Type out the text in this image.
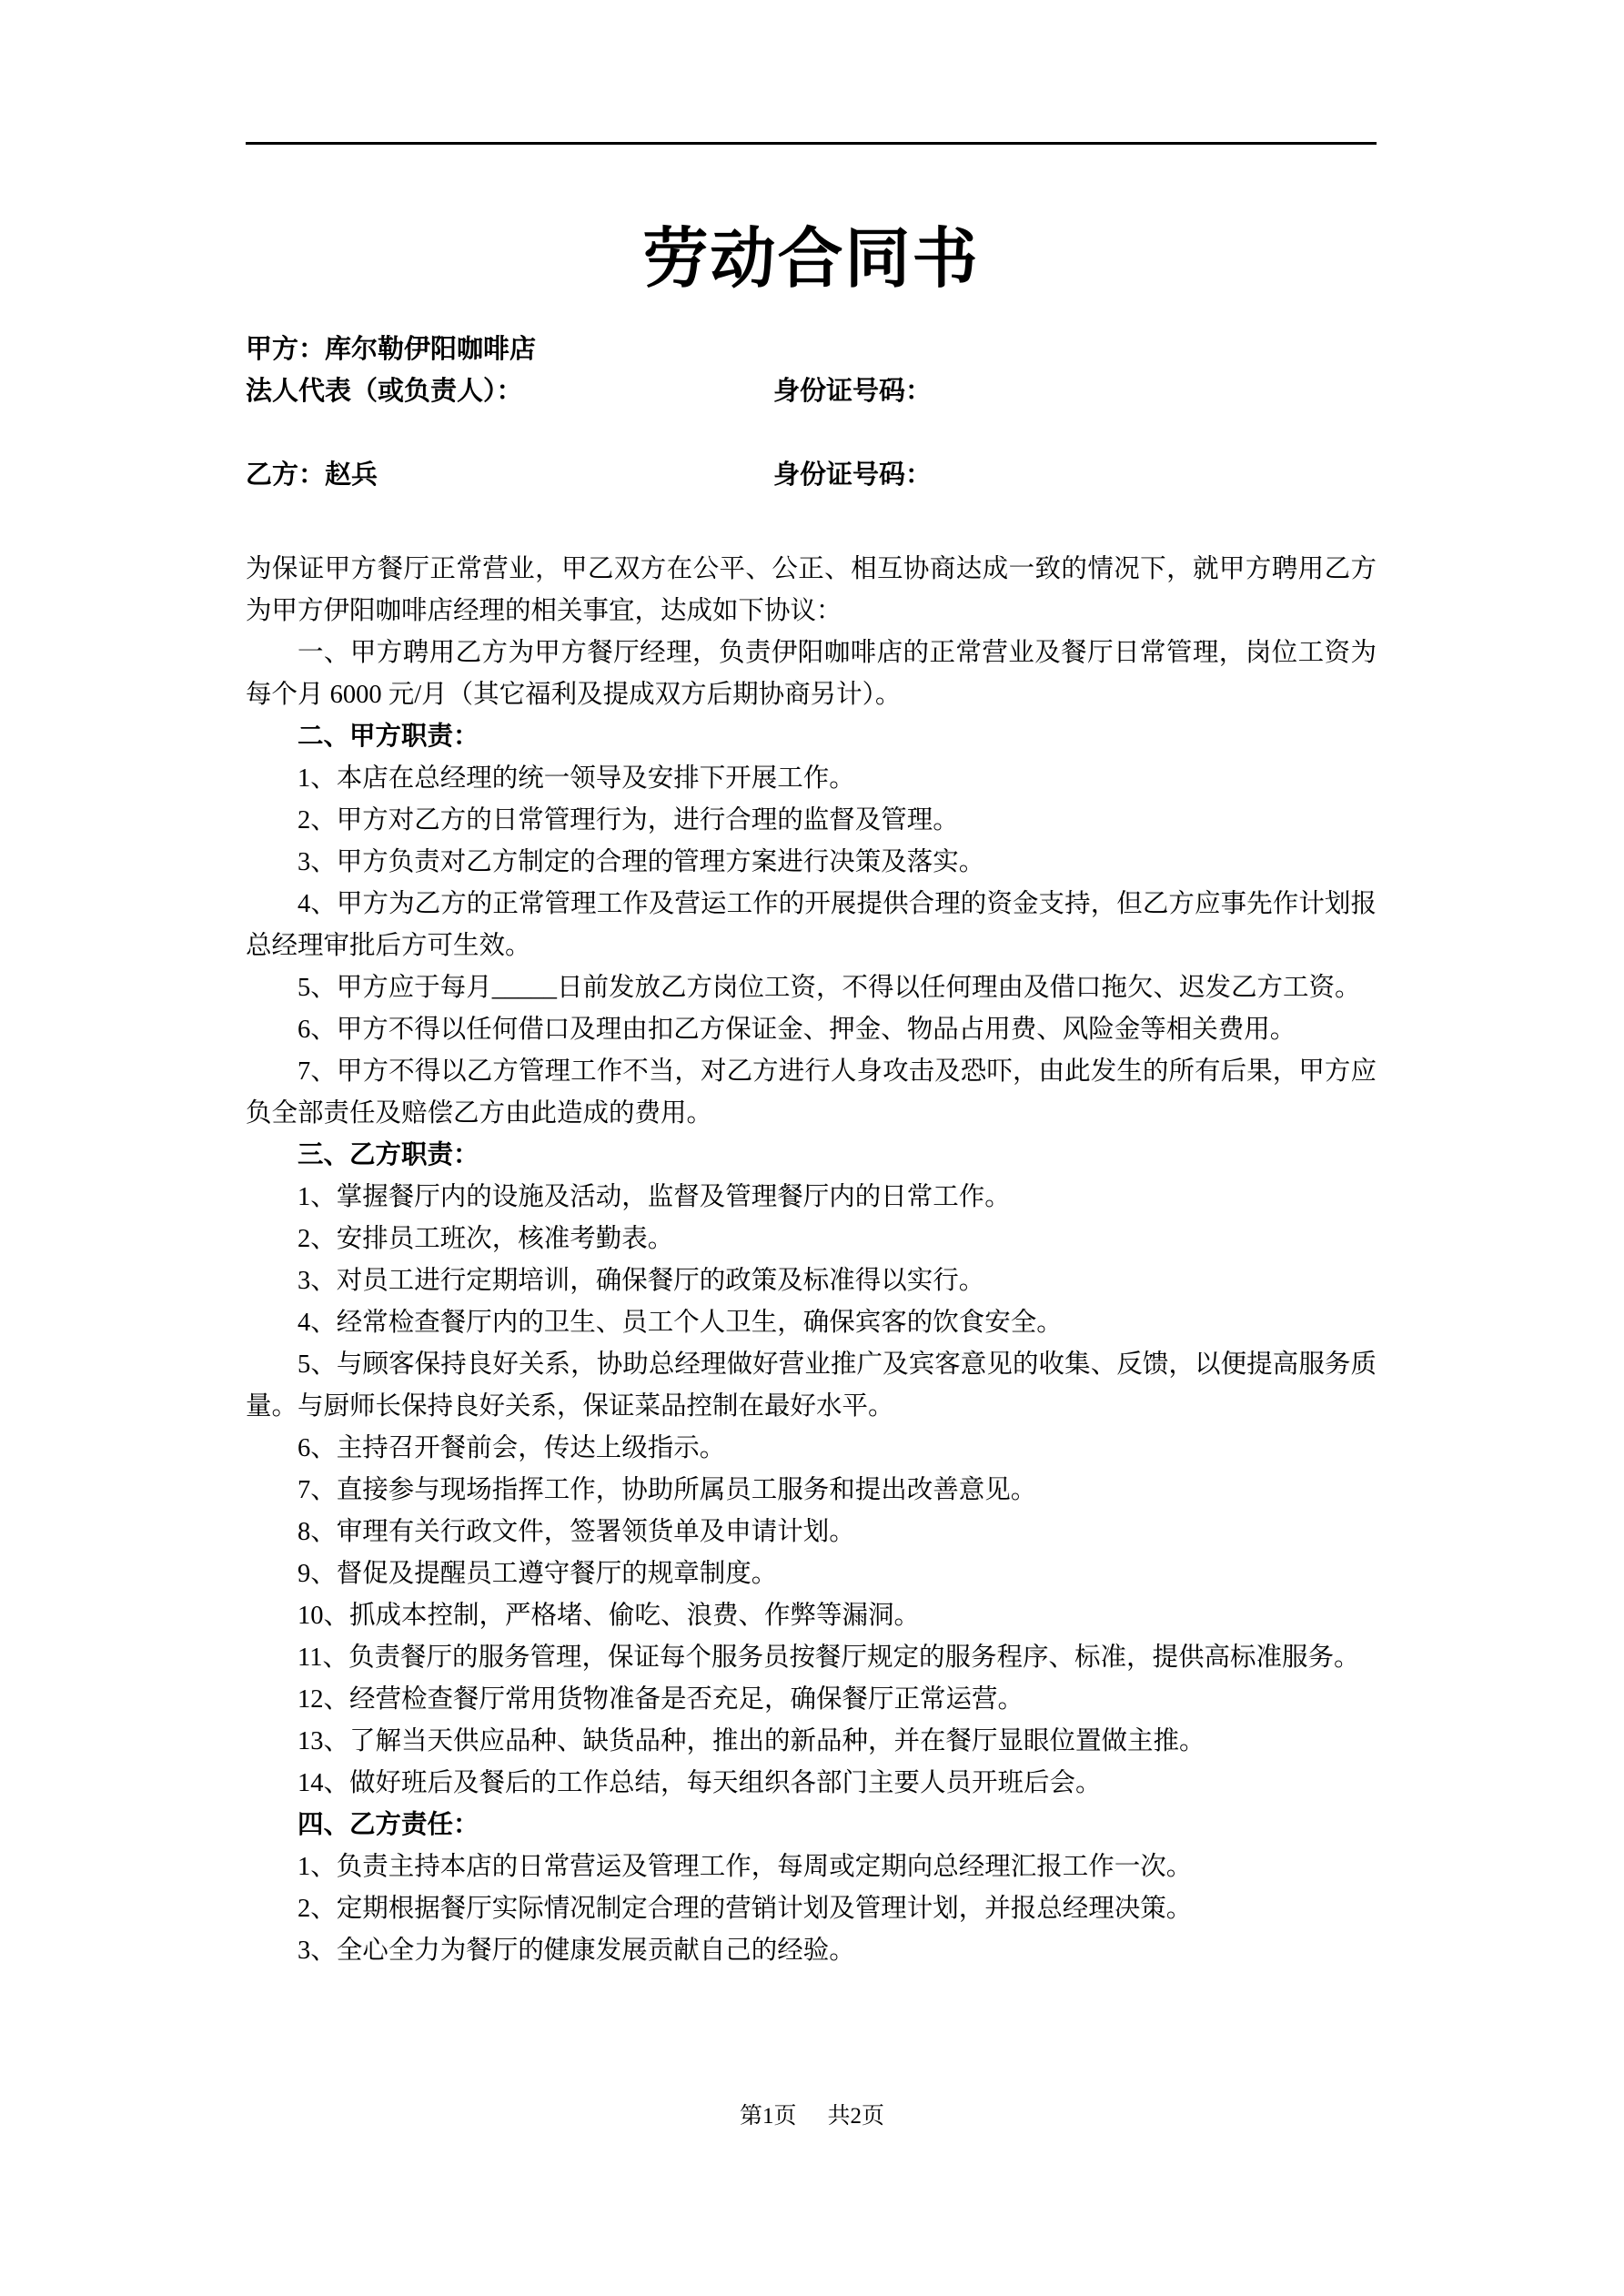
劳动合同书
甲方：库尔勒伊阳咖啡店
法人代表（或负责人）：	身份证号码：
乙方：赵兵	身份证号码：

为保证甲方餐厅正常营业，甲乙双方在公平、公正、相互协商达成一致的情况下，就甲方聘用乙方为甲方伊阳咖啡店经理的相关事宜，达成如下协议：

一、甲方聘用乙方为甲方餐厅经理，负责伊阳咖啡店的正常营业及餐厅日常管理，岗位工资为每个月 6000 元/月（其它福利及提成双方后期协商另计）。

二、甲方职责：

1、本店在总经理的统一领导及安排下开展工作。

2、甲方对乙方的日常管理行为，进行合理的监督及管理。

3、甲方负责对乙方制定的合理的管理方案进行决策及落实。

4、甲方为乙方的正常管理工作及营运工作的开展提供合理的资金支持，但乙方应事先作计划报总经理审批后方可生效。

5、甲方应于每月_____日前发放乙方岗位工资，不得以任何理由及借口拖欠、迟发乙方工资。

6、甲方不得以任何借口及理由扣乙方保证金、押金、物品占用费、风险金等相关费用。

7、甲方不得以乙方管理工作不当，对乙方进行人身攻击及恐吓，由此发生的所有后果，甲方应负全部责任及赔偿乙方由此造成的费用。

三、乙方职责：

1、掌握餐厅内的设施及活动，监督及管理餐厅内的日常工作。

2、安排员工班次，核准考勤表。

3、对员工进行定期培训，确保餐厅的政策及标准得以实行。

4、经常检查餐厅内的卫生、员工个人卫生，确保宾客的饮食安全。

5、与顾客保持良好关系，协助总经理做好营业推广及宾客意见的收集、反馈，以便提高服务质量。与厨师长保持良好关系，保证菜品控制在最好水平。

6、主持召开餐前会，传达上级指示。

7、直接参与现场指挥工作，协助所属员工服务和提出改善意见。

8、审理有关行政文件，签署领货单及申请计划。

9、督促及提醒员工遵守餐厅的规章制度。

10、抓成本控制，严格堵、偷吃、浪费、作弊等漏洞。

11、负责餐厅的服务管理，保证每个服务员按餐厅规定的服务程序、标准，提供高标准服务。

12、经营检查餐厅常用货物准备是否充足，确保餐厅正常运营。

13、了解当天供应品种、缺货品种，推出的新品种，并在餐厅显眼位置做主推。

14、做好班后及餐后的工作总结，每天组织各部门主要人员开班后会。

四、乙方责任：

1、负责主持本店的日常营运及管理工作，每周或定期向总经理汇报工作一次。

2、定期根据餐厅实际情况制定合理的营销计划及管理计划，并报总经理决策。

3、全心全力为餐厅的健康发展贡献自己的经验。

第1页 共2页
